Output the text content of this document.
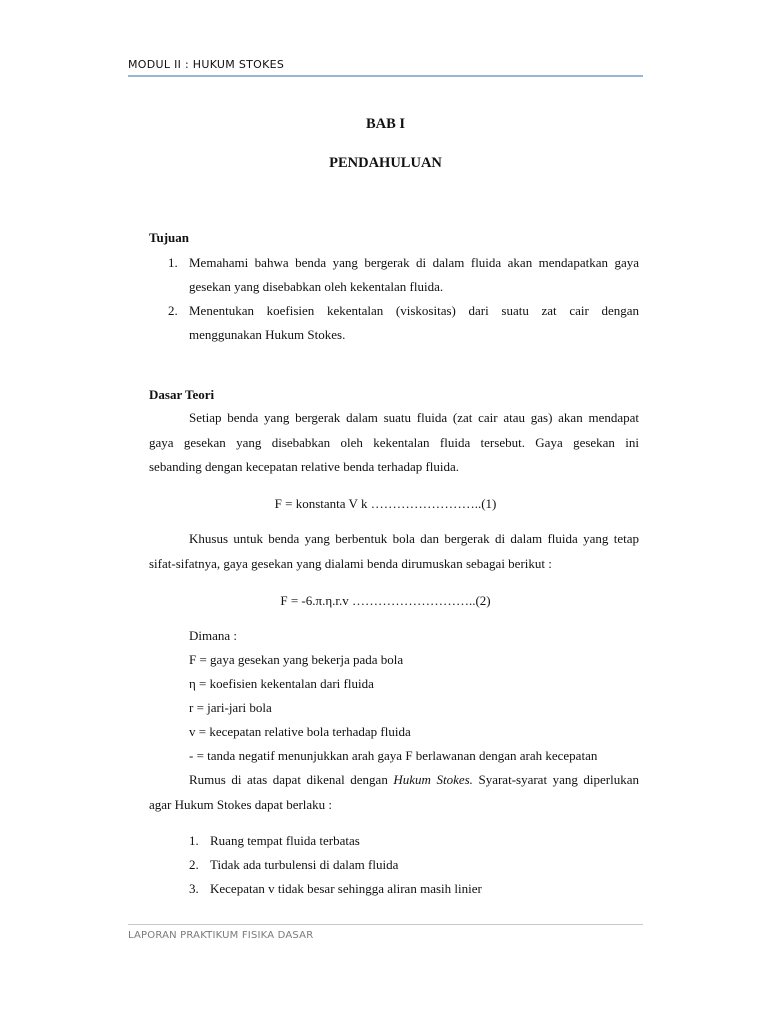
MODUL II : HUKUM STOKES
BAB I
PENDAHULUAN
Tujuan
1. Memahami bahwa benda yang bergerak di dalam fluida akan mendapatkan gaya
gesekan yang disebabkan oleh kekentalan fluida.
2. Menentukan koefisien kekentalan (viskositas) dari suatu zat cair dengan
menggunakan Hukum Stokes.
Dasar Teori
Setiap benda yang bergerak dalam suatu fluida (zat cair atau gas) akan mendapat
gaya gesekan yang disebabkan oleh kekentalan fluida tersebut. Gaya gesekan ini
sebanding dengan kecepatan relative benda terhadap fluida.
F = konstanta V k ……………………..(1)
Khusus untuk benda yang berbentuk bola dan bergerak di dalam fluida yang tetap
sifat-sifatnya, gaya gesekan yang dialami benda dirumuskan sebagai berikut :
F = -6.π.η.r.v ………………………..(2)
Dimana :
F = gaya gesekan yang bekerja pada bola
η = koefisien kekentalan dari fluida
r = jari-jari bola
v = kecepatan relative bola terhadap fluida
- = tanda negatif menunjukkan arah gaya F berlawanan dengan arah kecepatan
Rumus di atas dapat dikenal dengan Hukum Stokes. Syarat-syarat yang diperlukan
agar Hukum Stokes dapat berlaku :
1. Ruang tempat fluida terbatas
2. Tidak ada turbulensi di dalam fluida
3. Kecepatan v tidak besar sehingga aliran masih linier
LAPORAN PRAKTIKUM FISIKA DASAR
